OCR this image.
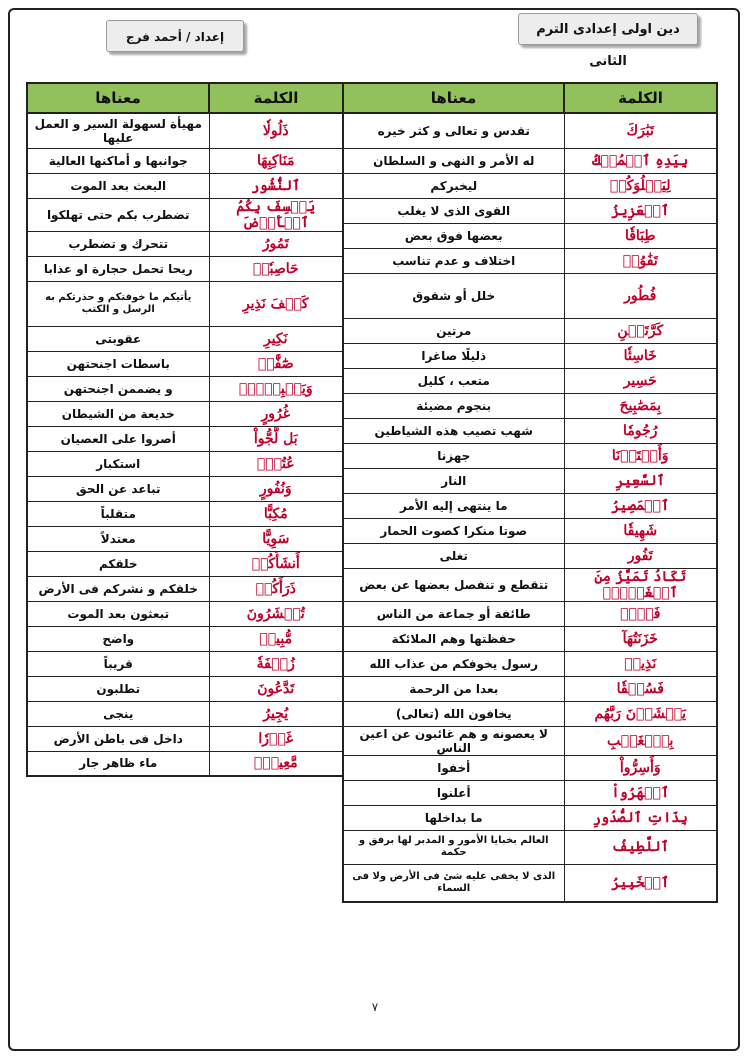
دين اولى إعدادى الترم الثانى
إعداد / أحمد فرج
الكلمة	معناها
تَبَٰرَكَ	تقدس و تعالى و كثر خيره
بِيَدِهِ ٱلۡمُلۡكُ	له الأمر و النهى و السلطان
لِيَبۡلُوَكُمۡ	ليخبركم
ٱلۡعَزِيزُ	القوى الذى لا يغلب
طِبَاقٗا	بعضها فوق بعض
تَفَٰوُتٖ	اختلاف و عدم تناسب
فُطُور	خلل أو شقوق
كَرَّتَيۡنِ	مرتين
خَاسِئٗا	ذليلًا صاغرا
حَسِير	متعب ، كليل
بِمَصَٰبِيحَ	بنجوم مضيئة
رُجُومٗا	شهب تصيب هذه الشياطين
وَأَعۡتَدۡنَا	جهزنا
ٱلسَّعِيرِ	النار
ٱلۡمَصِيرُ	ما ينتهى إليه الأمر
شَهِيقٗا	صوتا منكرا كصوت الحمار
تَفُور	تغلى
تَكَادُ تَمَيَّزُ مِنَ ٱلۡغَيۡظِۖ	تتقطع و تنفصل بعضها عن بعض
فَوۡجٞ	طائفة أو جماعة من الناس
خَزَنَتُهَآ	حفظتها وهم الملائكة
نَذِيرٞ	رسول يخوفكم من عذاب الله
فَسُحۡقٗا	بعدا من الرحمة
يَخۡشَوۡنَ رَبَّهُم	يخافون الله (تعالى)
بِٱلۡغَيۡبِ	لا يعصونه و هم غائبون عن اعين الناس
وَأَسِرُّواْ	أخفوا
ٱجۡهَرُواْ	أعلنوا
بِذَاتِ ٱلصُّدُورِ	ما بداخلها
ٱللَّطِيفُ	العالم بخبايا الأمور و المدبر لها برفق و حكمة
ٱلۡخَبِيرُ	الذى لا يخفى عليه شئ فى الأرض ولا فى السماء
الكلمة	معناها
ذَلُولٗا	مهيأة لسهولة السير و العمل عليها
مَنَاكِبِهَا	جوانبها و أماكنها العالية
ٱلنُّشُور	البعث بعد الموت
يَخۡسِفَ بِكُمُ ٱلۡأَرۡضَ	تضطرب بكم حتى تهلكوا
تَمُورُ	تتحرك و تضطرب
حَاصِبٗاۖ	ريحا تحمل حجارة او عذابا
كَيۡفَ نَذِيرِ	يأتيكم ما خوفتكم و حذرتكم به الرسل و الكتب
نَكِيرِ	عقوبتى
صَٰٓفَّٰتٖ	باسطات اجنحتهن
وَيَقۡبِضۡنَۚ	و يضممن اجنحتهن
غُرُورٍ	خديعة من الشيطان
بَل لَّجُّواْ	أصروا على العصيان
عُتُوّٖ	استكبار
وَنُفُورٍ	تباعد عن الحق
مُكِبًّا	متقلباً
سَوِيًّا	معتدلاً
أَنشَأَكُمۡ	خلقكم
ذَرَأَكُمۡ	خلقكم و نشركم فى الأرض
تُحۡشَرُونَ	تبعثون بعد الموت
مُّبِينٞ	واضح
زُلۡفَةٗ	قريباً
تَدَّعُونَ	تطلبون
يُجِيرُ	ينجى
غَوۡرٗا	داخل فى باطن الأرض
مَّعِينِۭ	ماء ظاهر جار
٧
